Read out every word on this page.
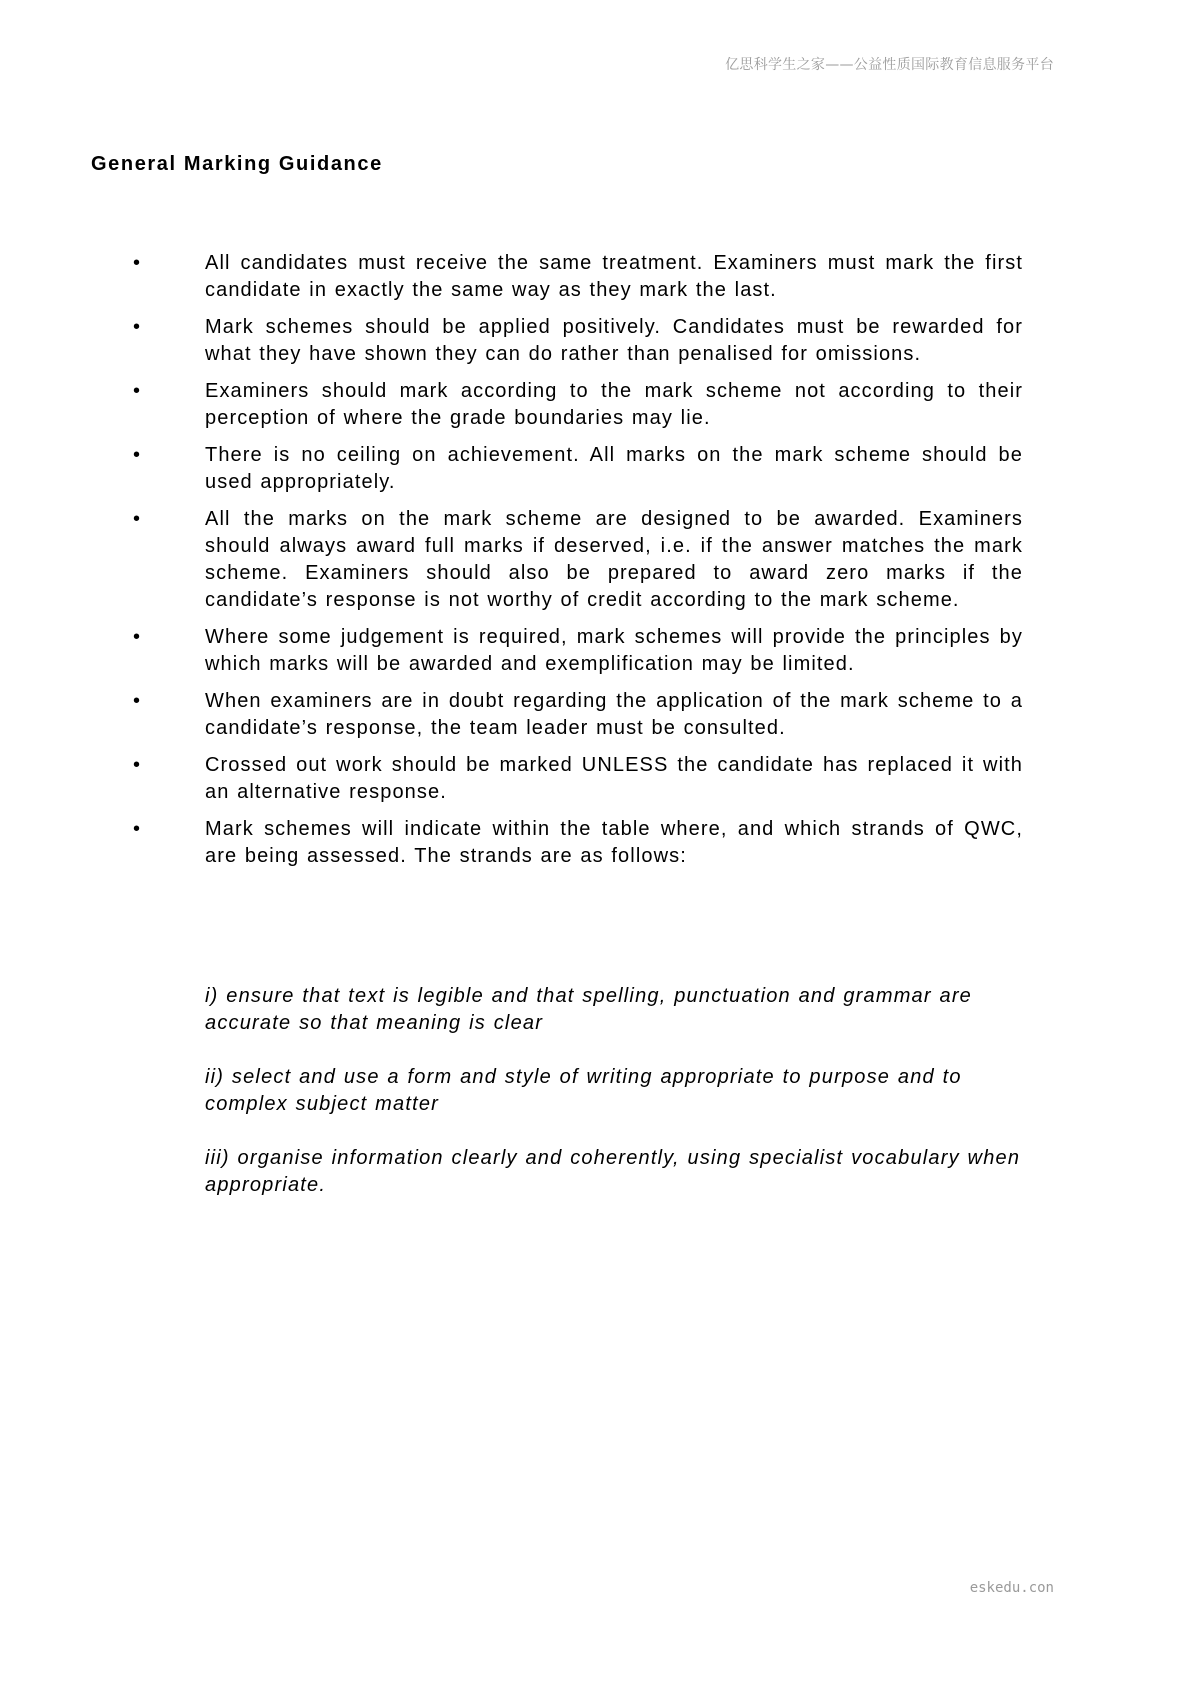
亿思科学生之家——公益性质国际教育信息服务平台
General Marking Guidance
•	All candidates must receive the same treatment. Examiners must mark the first candidate in exactly the same way as they mark the last.
•	Mark schemes should be applied positively. Candidates must be rewarded for what they have shown they can do rather than penalised for omissions.
•	Examiners should mark according to the mark scheme not according to their perception of where the grade boundaries may lie.
•	There is no ceiling on achievement. All marks on the mark scheme should be used appropriately.
•	All the marks on the mark scheme are designed to be awarded. Examiners should always award full marks if deserved, i.e. if the answer matches the mark scheme. Examiners should also be prepared to award zero marks if the candidate’s response is not worthy of credit according to the mark scheme.
•	Where some judgement is required, mark schemes will provide the principles by which marks will be awarded and exemplification may be limited.
•	When examiners are in doubt regarding the application of the mark scheme to a candidate’s response, the team leader must be consulted.
•	Crossed out work should be marked UNLESS the candidate has replaced it with an alternative response.
•	Mark schemes will indicate within the table where, and which strands of QWC, are being assessed. The strands are as follows:

i) ensure that text is legible and that spelling, punctuation and grammar are accurate so that meaning is clear

ii) select and use a form and style of writing appropriate to purpose and to complex subject matter

iii) organise information clearly and coherently, using specialist vocabulary when appropriate.

eskedu.con
